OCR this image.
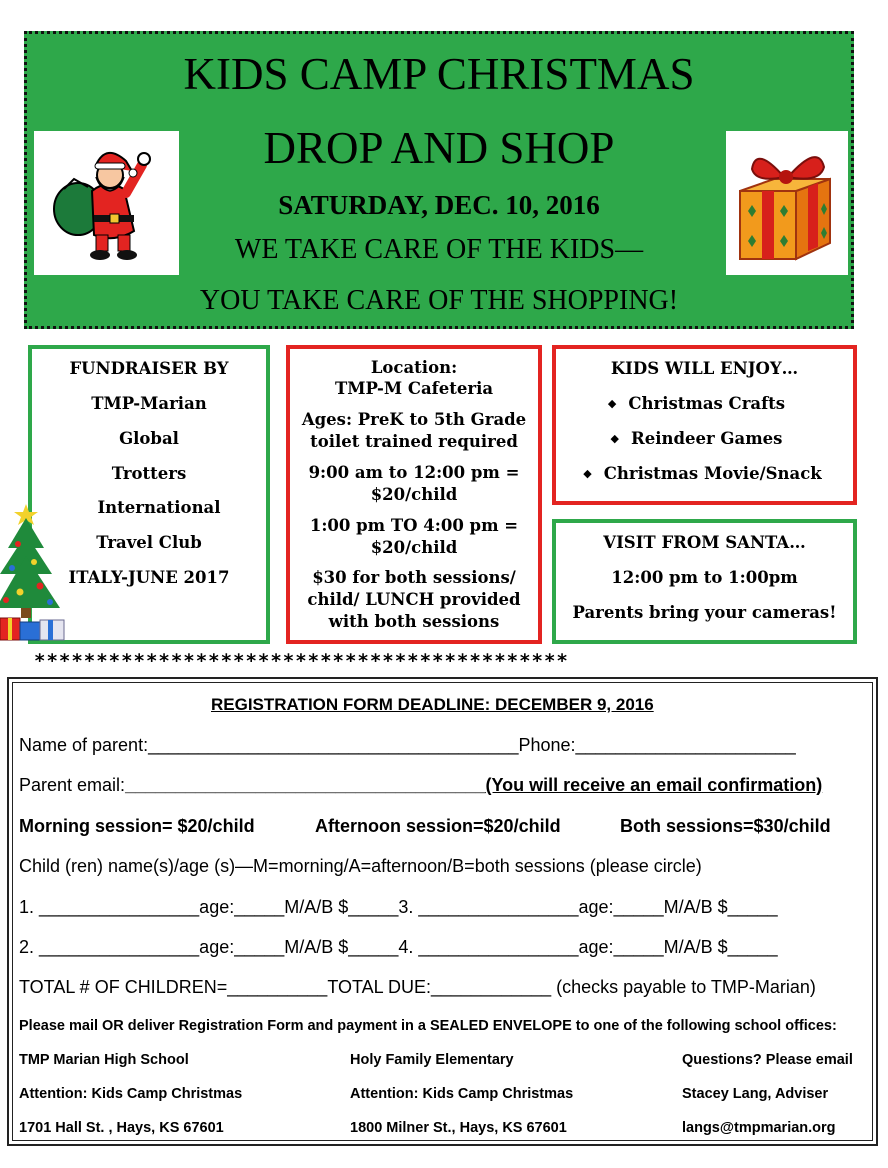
KIDS CAMP CHRISTMAS
DROP AND SHOP
SATURDAY, DEC. 10, 2016
WE TAKE CARE OF THE KIDS—
YOU TAKE CARE OF THE SHOPPING!
FUNDRAISER BY
TMP-Marian
Global
Trotters
International
Travel Club
ITALY-JUNE 2017
Location:
TMP-M Cafeteria
Ages: PreK to 5th Grade
toilet trained required
9:00 am to 12:00 pm =
$20/child
1:00 pm TO 4:00 pm =
$20/child
$30 for both sessions/
child/ LUNCH provided
with both sessions
KIDS WILL ENJOY…
◆ Christmas Crafts
◆ Reindeer Games
◆ Christmas Movie/Snack
VISIT FROM SANTA…
12:00 pm to 1:00pm
Parents bring your cameras!
*******************************************
REGISTRATION FORM DEADLINE: DECEMBER 9, 2016
Name of parent:_____________________________________Phone:______________________
Parent email:____________________________________(You will receive an email confirmation)
Morning session= $20/child	Afternoon session=$20/child	Both sessions=$30/child
Child (ren) name(s)/age (s)—M=morning/A=afternoon/B=both sessions (please circle)
1. ________________age:_____M/A/B $_____3. ________________age:_____M/A/B $_____
2. ________________age:_____M/A/B $_____4. ________________age:_____M/A/B $_____
TOTAL # OF CHILDREN=__________TOTAL DUE:____________ (checks payable to TMP-Marian)
Please mail OR deliver Registration Form and payment in a SEALED ENVELOPE to one of the following school offices:
TMP Marian High School
Attention: Kids Camp Christmas
1701 Hall St. , Hays, KS 67601
Holy Family Elementary
Attention: Kids Camp Christmas
1800 Milner St., Hays, KS 67601
Questions? Please email
Stacey Lang, Adviser
langs@tmpmarian.org
